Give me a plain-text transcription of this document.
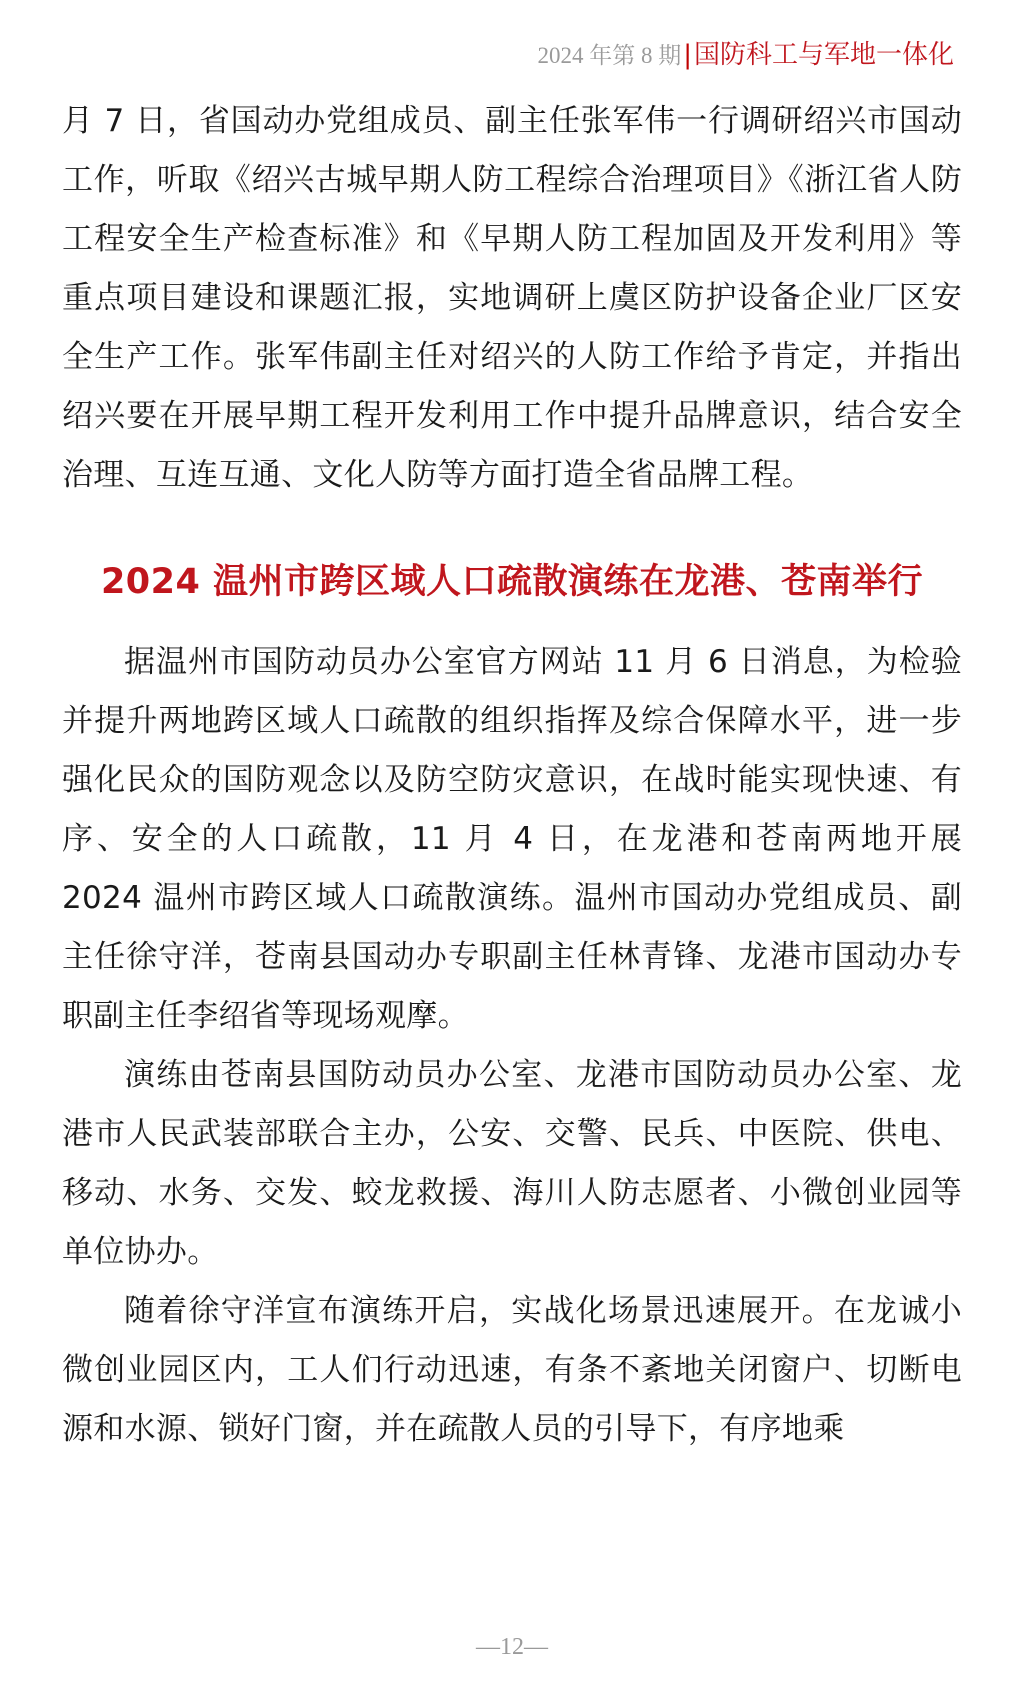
2024 年第 8 期|国防科工与军地一体化

月 7 日，省国动办党组成员、副主任张军伟一行调研绍兴市国动工作，听取《绍兴古城早期人防工程综合治理项目》《浙江省人防工程安全生产检查标准》和《早期人防工程加固及开发利用》等重点项目建设和课题汇报，实地调研上虞区防护设备企业厂区安全生产工作。张军伟副主任对绍兴的人防工作给予肯定，并指出绍兴要在开展早期工程开发利用工作中提升品牌意识，结合安全治理、互连互通、文化人防等方面打造全省品牌工程。

2024 温州市跨区域人口疏散演练在龙港、苍南举行

据温州市国防动员办公室官方网站 11 月 6 日消息，为检验并提升两地跨区域人口疏散的组织指挥及综合保障水平，进一步强化民众的国防观念以及防空防灾意识，在战时能实现快速、有序、安全的人口疏散，11 月 4 日，在龙港和苍南两地开展 2024 温州市跨区域人口疏散演练。温州市国动办党组成员、副主任徐守洋，苍南县国动办专职副主任林青锋、龙港市国动办专职副主任李绍省等现场观摩。

演练由苍南县国防动员办公室、龙港市国防动员办公室、龙港市人民武装部联合主办，公安、交警、民兵、中医院、供电、移动、水务、交发、蛟龙救援、海川人防志愿者、小微创业园等单位协办。

随着徐守洋宣布演练开启，实战化场景迅速展开。在龙诚小微创业园区内，工人们行动迅速，有条不紊地关闭窗户、切断电源和水源、锁好门窗，并在疏散人员的引导下，有序地乘

—12—
